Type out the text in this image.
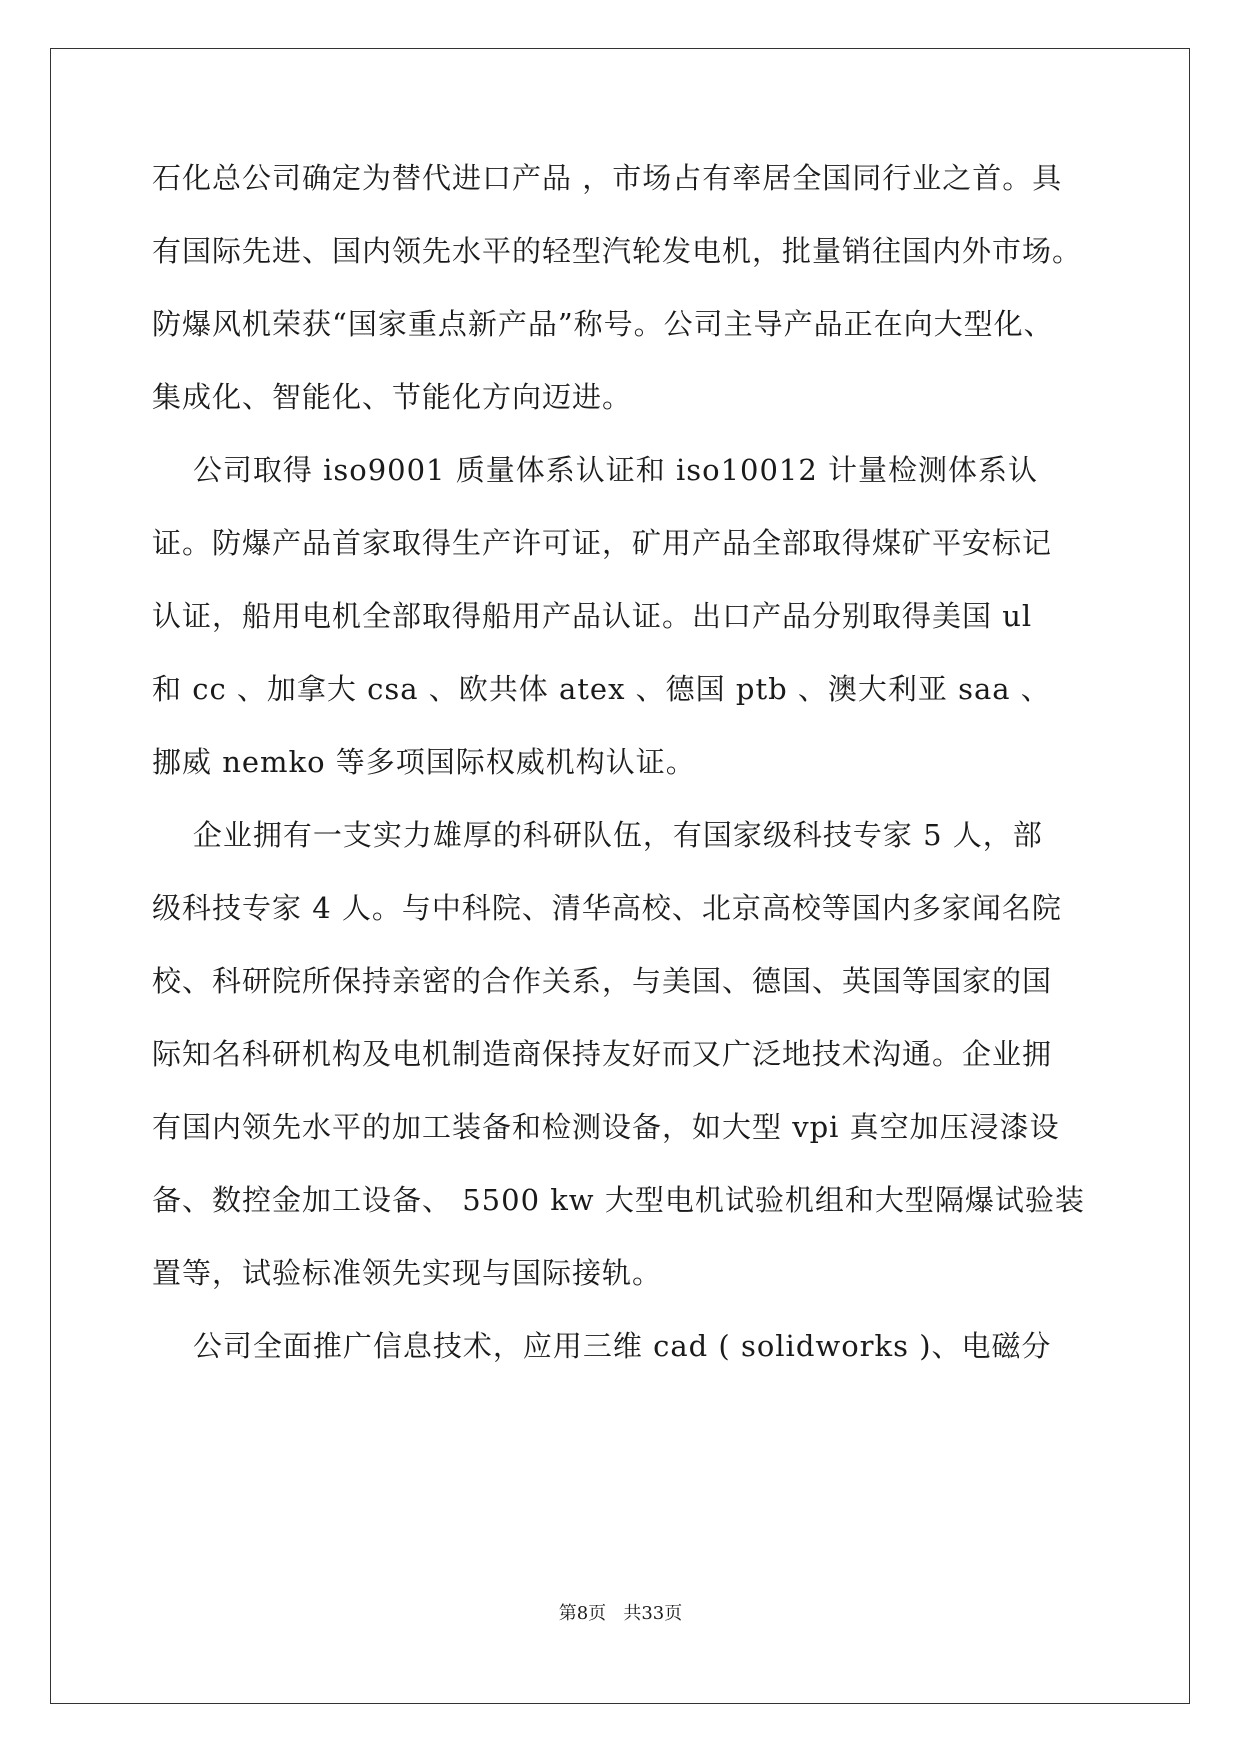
石化总公司确定为替代进口产品 ，市场占有率居全国同行业之首。具
有国际先进、国内领先水平的轻型汽轮发电机，批量销往国内外市场。
防爆风机荣获“国家重点新产品”称号。公司主导产品正在向大型化、
集成化、智能化、节能化方向迈进。
公司取得 iso9001 质量体系认证和 iso10012 计量检测体系认
证。防爆产品首家取得生产许可证，矿用产品全部取得煤矿平安标记
认证，船用电机全部取得船用产品认证。出口产品分别取得美国 ul
和 cc 、加拿大 csa 、欧共体 atex 、德国 ptb 、澳大利亚 saa 、
挪威 nemko 等多项国际权威机构认证。
企业拥有一支实力雄厚的科研队伍，有国家级科技专家 5 人，部
级科技专家 4 人。与中科院、清华高校、北京高校等国内多家闻名院
校、科研院所保持亲密的合作关系，与美国、德国、英国等国家的国
际知名科研机构及电机制造商保持友好而又广泛地技术沟通。企业拥
有国内领先水平的加工装备和检测设备，如大型 vpi 真空加压浸漆设
备、数控金加工设备、 5500 kw 大型电机试验机组和大型隔爆试验装
置等，试验标准领先实现与国际接轨。
公司全面推广信息技术，应用三维 cad ( solidworks )、电磁分
第8页   共33页
